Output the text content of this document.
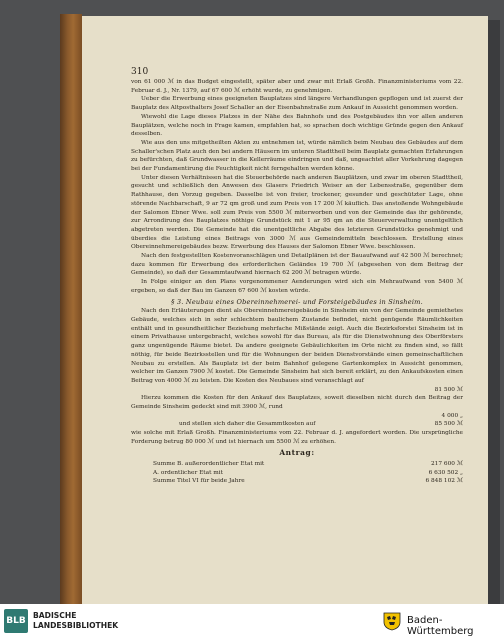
310

von 61 000 ℳ in das Budget eingestellt, später aber und zwar mit Erlaß Großh. Finanzministeriums vom 22. Februar d. J., Nr. 1379, auf 67 600 ℳ erhöht wurde, zu genehmigen.

Ueber die Erwerbung eines geeigneten Bauplatzes sind längere Verhandlungen gepflogen und ist zuerst der Bauplatz des Altposthalters Josef Schaller an der Eisenbahnstraße zum Ankauf in Aussicht genommen worden.

Wiewohl die Lage dieses Platzes in der Nähe des Bahnhofs und des Postgebäudes ihn vor allen anderen Bauplätzen, welche noch in Frage kamen, empfahlen hat, so sprachen doch wichtige Gründe gegen den Ankauf desselben.

Wie aus den uns mitgetheilten Akten zu entnehmen ist, würde nämlich beim Neubau des Gebäudes auf dem Schaller'schen Platz auch den bei andern Häusern im unteren Stadttheil beim Bauplatz gemachten Erfahrungen zu befürchten, daß Grundwasser in die Kellerräume eindringen und daß, ungeachtet aller Vorkehrung dagegen bei der Fundamentirung die Feuchtigkeit nicht ferngehalten werden könne.

Unter diesen Verhältnissen hat die Steuerbehörde nach anderen Bauplätzen, und zwar im oberen Stadttheil, gesucht und schließlich den Anwesen des Glasers Friedrich Weiser an der Lebensstraße, gegenüber dem Rathhause, den Vorzug gegeben. Dasselbe ist von freier, trockener, gesunder und geschützter Lage, ohne störende Nachbarschaft, 9 ar 72 qm groß und zum Preis von 17 200 ℳ käuflich. Das anstoßende Wohngebäude der Salomon Ebner Wwe. soll zum Preis von 5500 ℳ miterworben und von der Gemeinde das ihr gehörende, zur Arrondirung des Bauplatzes nöthige Grundstück mit 1 ar 95 qm an die Steuerverwaltung unentgeltlich abgetreten werden. Die Gemeinde hat die unentgeltliche Abgabe des letzteren Grundstücks genehmigt und überdies die Leistung eines Beitrags von 3000 ℳ aus Gemeindemitteln beschlossen. Erstellung eines Obereinnehmereigebäudes bezw. Erwerbung des Hauses der Salomon Ebner Wwe. beschlossen.

Nach den festgestellten Kostenvoranschlägen und Detailplänen ist der Bauaufwand auf 42 500 ℳ berechnet; dazu kommen für Erwerbung des erforderlichen Geländes 19 700 ℳ (abgesehen von dem Beitrag der Gemeinde), so daß der Gesammtaufwand hiernach 62 200 ℳ betragen würde.

In Folge einiger an den Plans vorgenommener Aenderungen wird sich ein Mehraufwand von 5400 ℳ ergeben, so daß der Bau im Ganzen 67 600 ℳ kosten würde.

§ 3. Neubau eines Obereinnehmerei- und Forsteigebäudes in Sinsheim.

Nach den Erläuterungen dient als Obereinnehmereigebäude in Sinsheim ein von der Gemeinde gemiethetes Gebäude, welches sich in sehr schlechtem baulichem Zustande befindet, nicht genügende Räumlichkeiten enthält und in gesundheitlicher Beziehung mehrfache Mißstände zeigt. Auch die Bezirksforstei Sinsheim ist in einem Privathause untergebracht, welches sowohl für das Bureau, als für die Dienstwohnung des Oberförsters ganz ungenügende Räume bietet. Da andere geeignete Gebäulichkeiten im Orte nicht zu finden sind, so fällt nöthig, für beide Bezirksstellen und für die Wohnungen der beiden Dienstvorstände einen gemeinschaftlichen Neubau zu erstellen. Als Bauplatz ist der beim Bahnhof gelegene Gartenkomplex in Aussicht genommen, welcher im Ganzen 7900 ℳ kostet. Die Gemeinde Sinsheim hat sich bereit erklärt, zu den Ankaufskosten einen Beitrag von 4000 ℳ zu leisten. Die Kosten des Neubaues sind veranschlagt auf

81 500 ℳ

Hierzu kommen die Kosten für den Ankauf des Bauplatzes, soweit dieselben nicht durch den Beitrag der Gemeinde Sinsheim gedeckt sind mit 3900 ℳ, rund

4 000 „
und stellen sich daher die Gesammtkosten auf	85 500 ℳ

wie solche mit Erlaß Großh. Finanzministeriums vom 22. Februar d. J. angefordert worden. Die ursprüngliche Forderung betrug 80 000 ℳ und ist hiernach um 5500 ℳ zu erhöhen.

Antrag:
Summe B. außerordentlicher Etat mit	217 600 ℳ
A. ordentlicher Etat mit	6 630 502 „
Summe Titel VI für beide Jahre	6 848 102 ℳ
BLB
BADISCHE
LANDESBIBLIOTHEK	Baden-Württemberg
